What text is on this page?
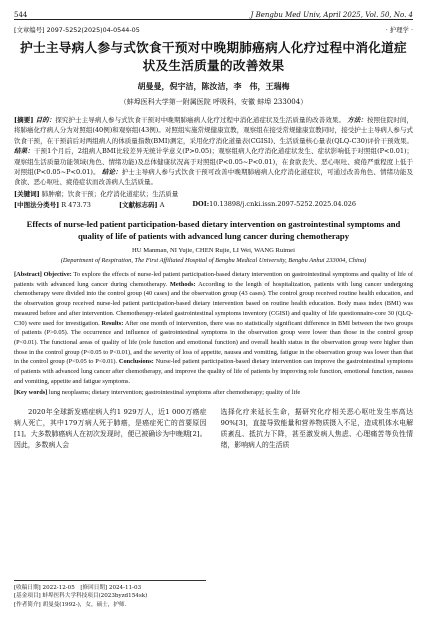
544	J Bengbu Med Univ, April 2025, Vol. 50, No. 4
[文章编号] 2097-5252(2025)04-0544-05	· 护理学 ·
护士主导病人参与式饮食干预对中晚期肺癌病人化疗过程中消化道症状及生活质量的改善效果
胡曼曼，倪宇洁，陈汝洁，李　伟，王瑞梅
（蚌埠医科大学第一附属医院 呼吸科，安徽 蚌埠 233004）
[摘要] 目的：探究护士主导病人参与式饮食干预对中晚期肺癌病人化疗过程中消化道症状及生活质量的改善效果。 方法：按照住院时间，将肺癌化疗病人分为对照组(40例)和观察组(43例)。对照组实施常规健康宣教，观察组在接受常规健康宣教同时，接受护士主导病人参与式饮食干预，在干预前后对两组病人的体质量指数(BMI)测定，采用化疗消化道量表(CGISI)、生活质量核心量表(QLQ-C30)评价干预效果。 结果：干预1个月后，2组病人BMI比较差异无统计学意义(P>0.05)；观察组病人化疗消化道症状发生、症状影响低于对照组(P<0.01)；观察组生活质量功能领域(角色、情绪功能)及总体健康状况高于对照组(P<0.05~P<0.01)，在食欲丧失、恶心呕吐、疲倦严重程度上低于对照组(P<0.05~P<0.01)。 结论：护士主导病人参与式饮食干预可改善中晚期肺癌病人化疗消化道症状，可通过改善角色、情绪功能及食欲、恶心呕吐、疲倦症状而改善病人生活质量。
[关键词] 肺肿瘤；饮食干预；化疗消化道症状；生活质量
[中图法分类号] R 473.73	[文献标志码] A	DOI:10.13898/j.cnki.issn.2097-5252.2025.04.026
Effects of nurse-led patient participation-based dietary intervention on gastrointestinal symptoms and quality of life of patients with advanced lung cancer during chemotherapy
HU Manman, NI Yujie, CHEN Rujie, LI Wei, WANG Ruimei
(Department of Respiration, The First Affiliated Hospital of Bengbu Medical University, Bengbu Anhui 233004, China)
[Abstract] Objective: To explore the effects of nurse-led patient participation-based dietary intervention on gastrointestinal symptoms and quality of life of patients with advanced lung cancer during chemotherapy. Methods: According to the length of hospitalization, patients with lung cancer undergoing chemotherapy were divided into the control group (40 cases) and the observation group (43 cases). The control group received routine health education, and the observation group received nurse-led patient participation-based dietary intervention based on routine health education. Body mass index (BMI) was measured before and after intervention. Chemotherapy-related gastrointestinal symptoms inventory (CGISI) and quality of life questionnaire-core 30 (QLQ-C30) were used for investigation. Results: After one month of intervention, there was no statistically significant difference in BMI between the two groups of patients (P>0.05). The occurrence and influence of gastrointestinal symptoms in the observation group were lower than those in the control group (P<0.01). The functional areas of quality of life (role function and emotional function) and overall health status in the observation group were higher than those in the control group (P<0.05 to P<0.01), and the severity of loss of appetite, nausea and vomiting, fatigue in the observation group was lower than that in the control group (P<0.05 to P<0.01). Conclusions: Nurse-led patient participation-based dietary intervention can improve the gastrointestinal symptoms of patients with advanced lung cancer after chemotherapy, and improve the quality of life of patients by improving role function, emotional function, nausea and vomiting, appetite and fatigue symptoms.
[Key words] lung neoplasms; dietary intervention; gastrointestinal symptoms after chemotherapy; quality of life

2020年全球新发癌症病人约1 929万人，近1 000万癌症病人死亡，其中179万病人死于肺癌，是癌症死亡的首要原因[1]。大多数肺癌病人在初次发现时，便已被确诊为中晚期[2]。因此，多数病人会

选择化疗来延长生命，据研究化疗相关恶心呕吐发生率高达90%[3]，直接导致能量和营养物质摄入不足，造成机体水电解质紊乱、抵抗力下降，甚至激发病人焦虑、心理痛苦等负性情绪，影响病人的生活质

[收稿日期] 2022-12-05　[修回日期] 2024-11-03
[基金项目] 蚌埠医科大学科技项目(2023byzd154sk)
[作者简介] 胡曼曼(1992-)，女，硕士，护师.
